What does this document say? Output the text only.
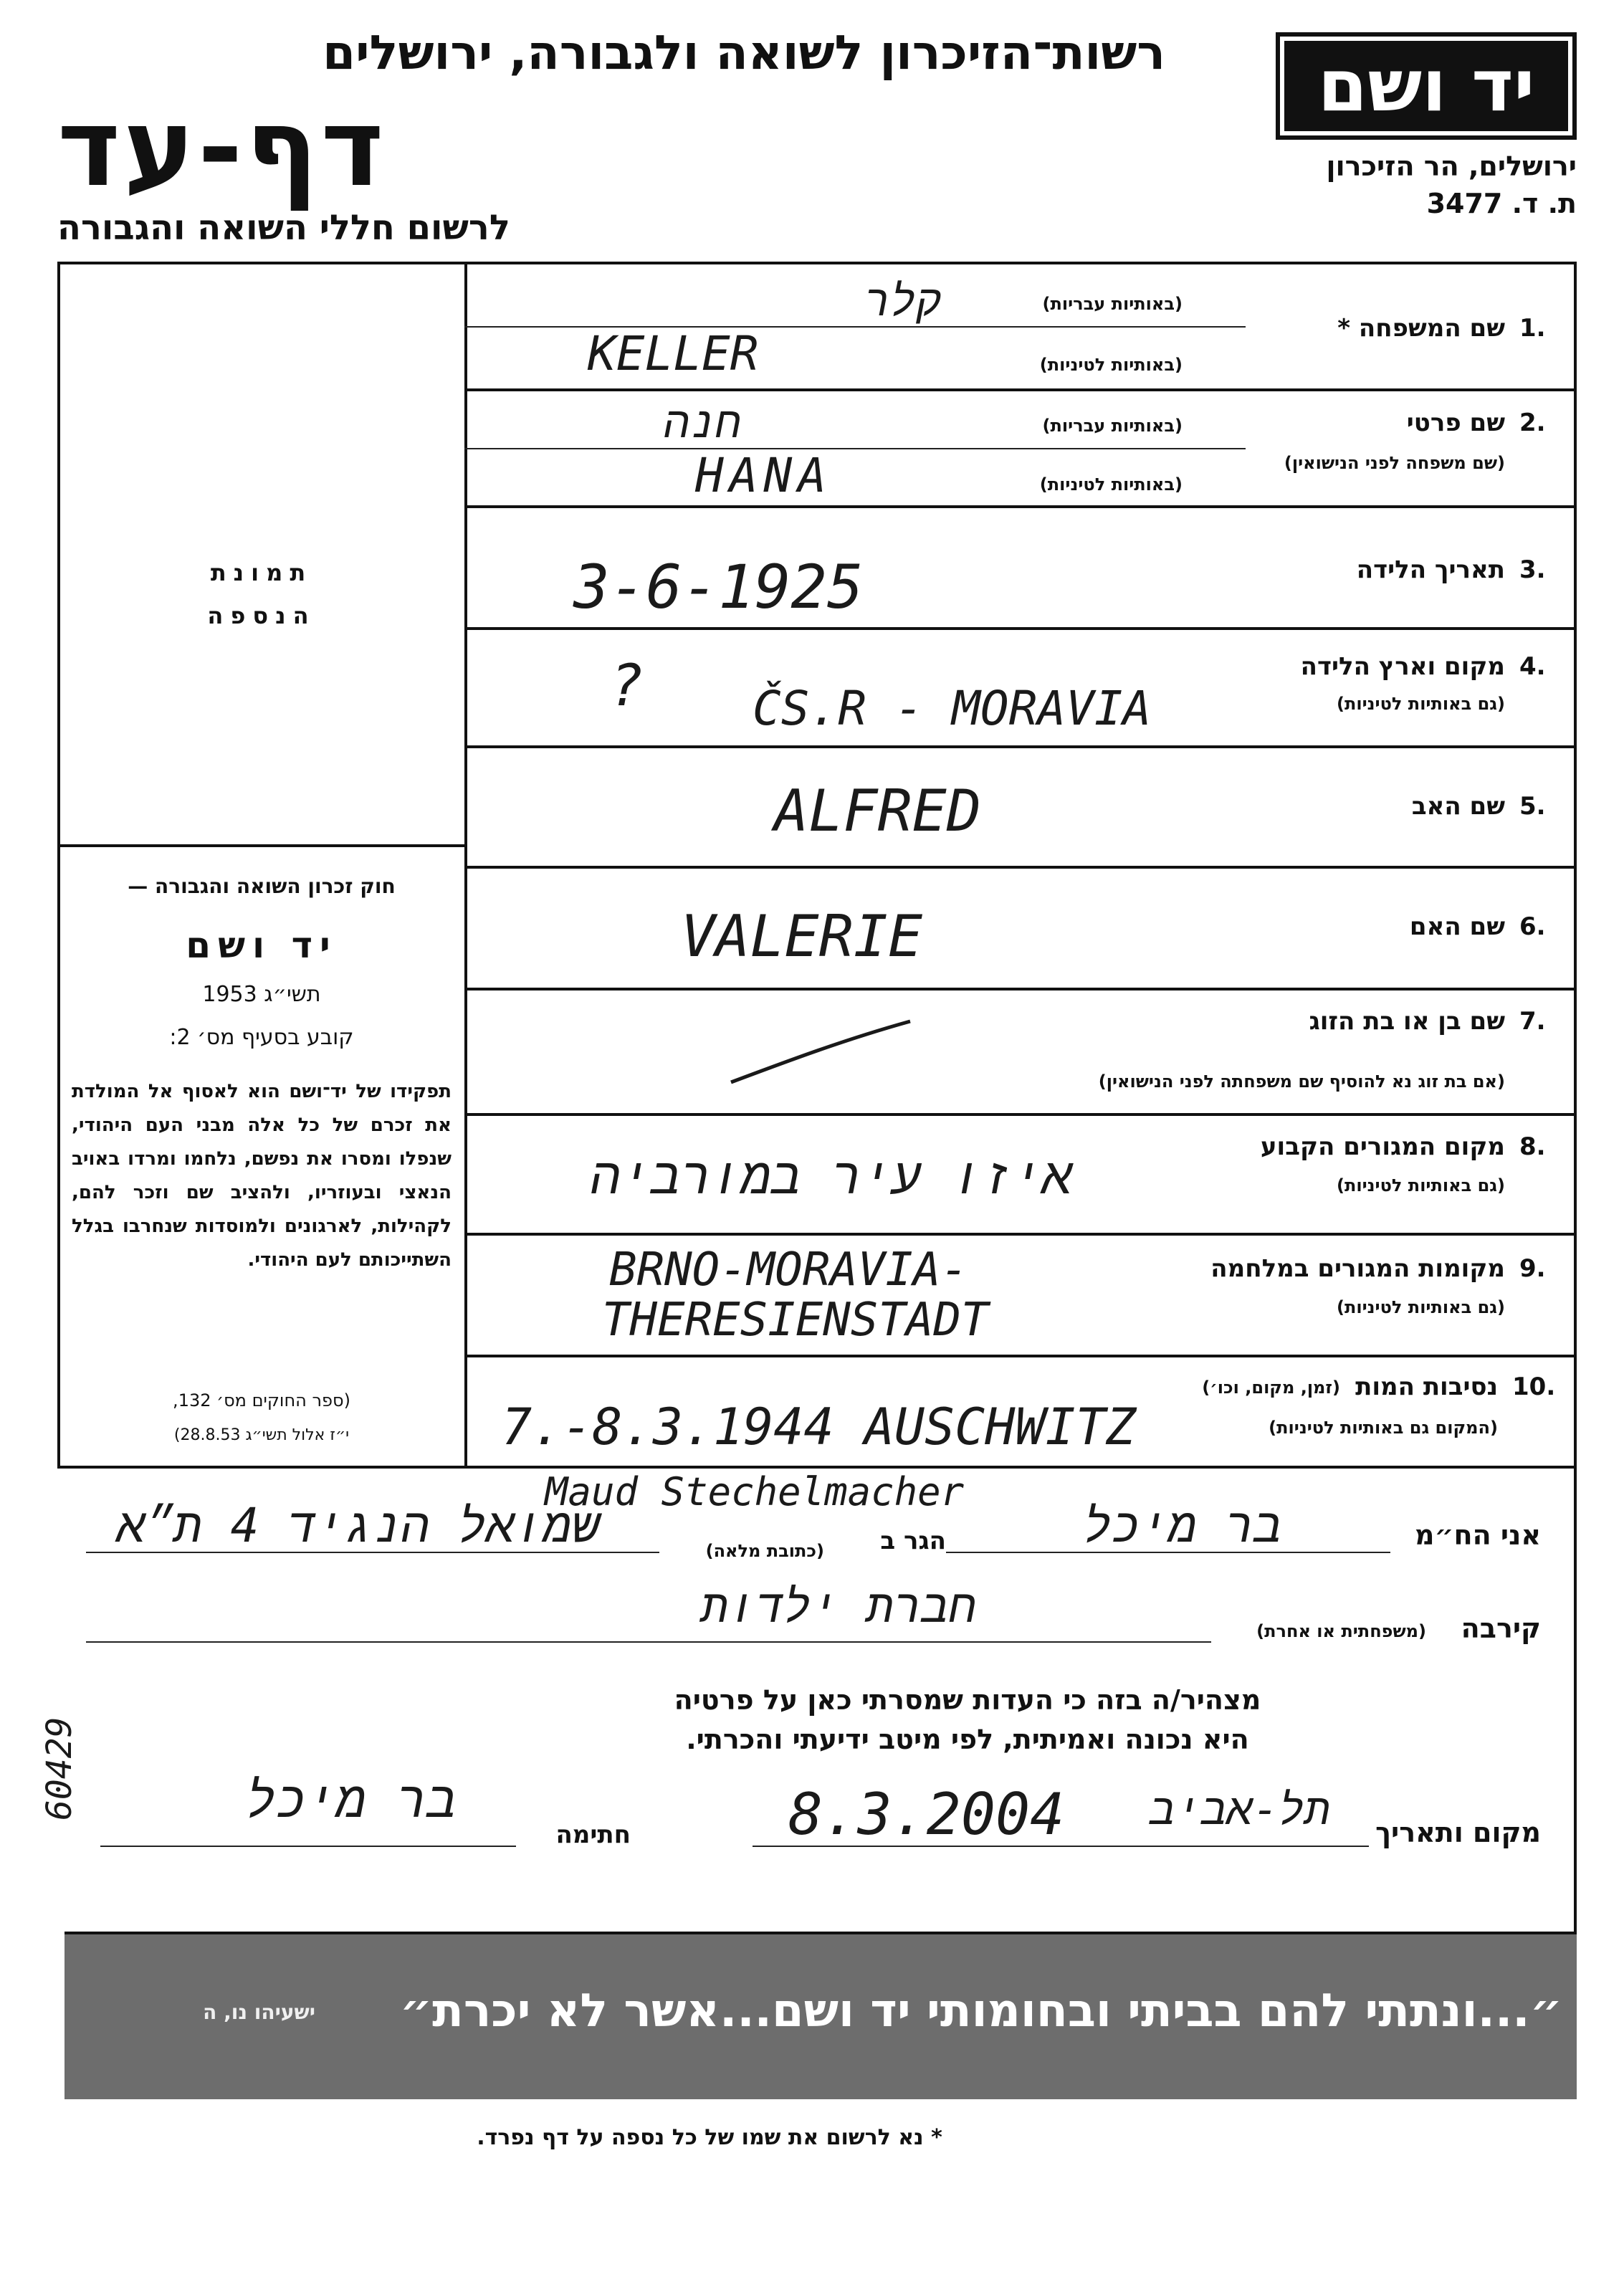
רשות־הזיכרון לשואה ולגבורה, ירושלים
דף-עד
לרשום חללי השואה והגבורה
יד ושם
ירושלים, הר הזיכרון
ת. ד. 3477
תמונת
הנספה
חוק זכרון השואה והגבורה —
יד ושם
תשי״ג 1953
קובע בסעיף מס׳ 2:
תפקידו של יד־ושם הוא לאסוף אל המולדת את זכרם של כל אלה מבני העם היהודי, שנפלו ומסרו את נפשם, נלחמו ומרדו באויב הנאצי ובעוזריו, ולהציב שם וזכר להם, לקהילות, לארגונים ולמוסדות שנחרבו בגלל השתייכותם לעם היהודי.
(ספר החוקים מס׳ 132,
י״ז אלול תשי״ג 28.8.53)
1.
שם המשפחה *
(באותיות עבריות)
(באותיות לטיניות)
קלר
KELLER
2.
שם פרטי
(שם משפחה לפני הנישואין)
(באותיות עבריות)
(באותיות לטיניות)
חנה
HANA
3.
תאריך הלידה
3-6-1925
4.
מקום וארץ הלידה
(גם באותיות לטיניות)
? ČS.R - MORAVIA
5.
שם האב
ALFRED
6.
שם האם
VALERIE
7.
שם בן או בת הזוג
(אם בת זוג נא להוסיף שם משפחתה לפני הנישואין)
8.
מקום המגורים הקבוע
(גם באותיות לטיניות)
איזו עיר במורביה
9.
מקומות המגורים במלחמה
(גם באותיות לטיניות)
BRNO-MORAVIA-
THERESIENSTADT
10.
נסיבות המות
(זמן, מקום, וכו׳)
(המקום גם באותיות לטיניות)
7.-8.3.1944 AUSCHWITZ
אני הח״מ
בר מיכל
הגר ב
(כתובת מלאה)
שמואל הנגיד 4 ת״א
Maud Stechelmacher
קירבה
(משפחתית או אחרת)
חברת ילדות
מצהיר/ה בזה כי העדות שמסרתי כאן על פרטיה
היא נכונה ואמיתית, לפי מיטב ידיעתי והכרתי.
מקום ותאריך
תל-אביב
8.3.2004
חתימה
בר מיכל
60429
״...ונתתי להם בביתי ובחומותי יד ושם...אשר לא יכרת״
ישעיהו נו, ה
* נא לרשום את שמו של כל נספה על דף נפרד.
